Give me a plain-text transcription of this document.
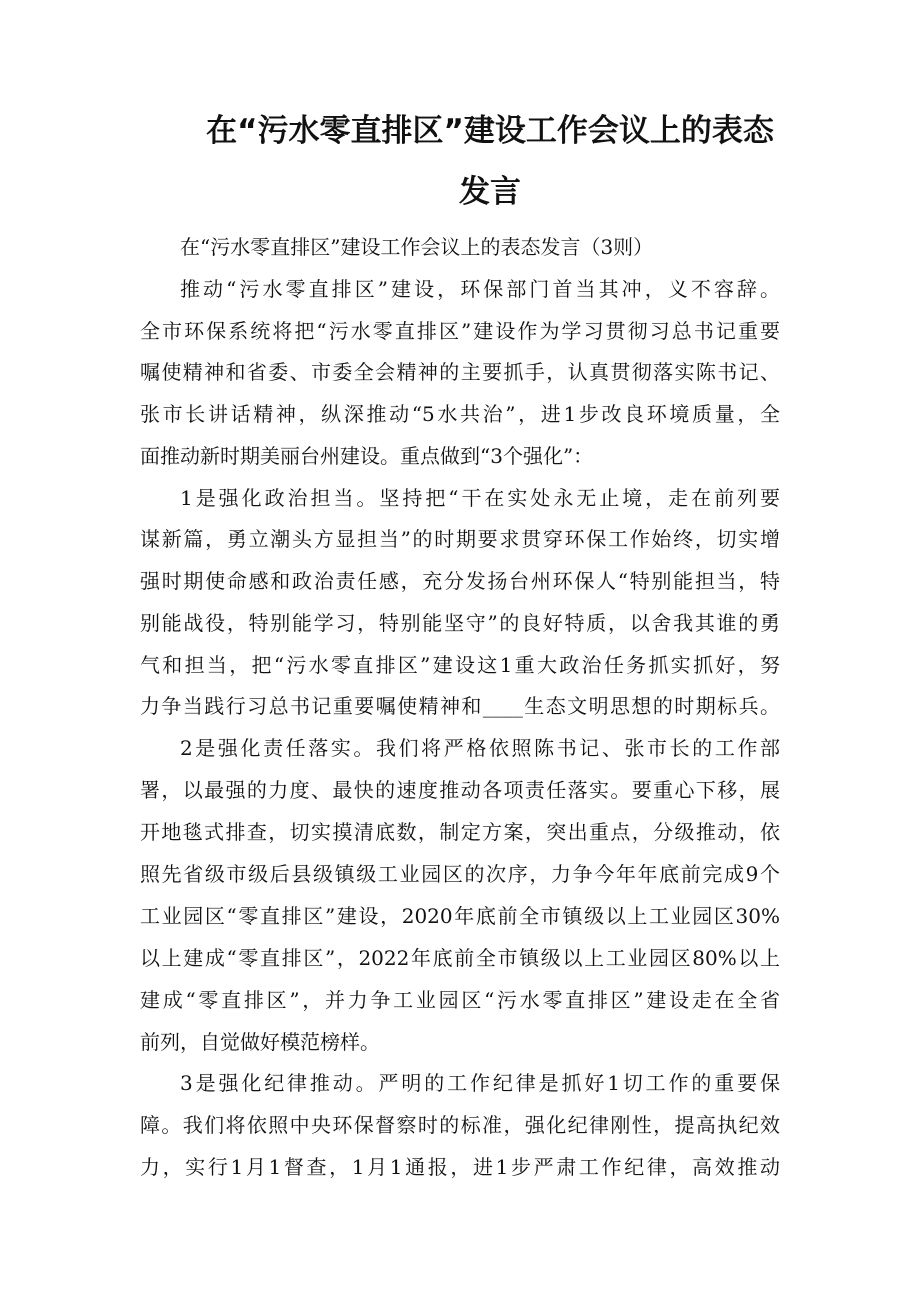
在“污水零直排区”建设工作会议上的表态
发言
在“污水零直排区”建设工作会议上的表态发言（3则）
推动“污水零直排区”建设，环保部门首当其冲，义不容辞。
全市环保系统将把“污水零直排区”建设作为学习贯彻习总书记重要
嘱使精神和省委、市委全会精神的主要抓手，认真贯彻落实陈书记、
张市长讲话精神，纵深推动“5水共治”，进1步改良环境质量，全
面推动新时期美丽台州建设。重点做到“3个强化”：
1是强化政治担当。坚持把“干在实处永无止境，走在前列要
谋新篇，勇立潮头方显担当”的时期要求贯穿环保工作始终，切实增
强时期使命感和政治责任感，充分发扬台州环保人“特别能担当，特
别能战役，特别能学习，特别能坚守”的良好特质，以舍我其谁的勇
气和担当，把“污水零直排区”建设这1重大政治任务抓实抓好，努
力争当践行习总书记重要嘱使精神和____生态文明思想的时期标兵。
2是强化责任落实。我们将严格依照陈书记、张市长的工作部
署，以最强的力度、最快的速度推动各项责任落实。要重心下移，展
开地毯式排查，切实摸清底数，制定方案，突出重点，分级推动，依
照先省级市级后县级镇级工业园区的次序，力争今年年底前完成9个
工业园区“零直排区”建设，2020年底前全市镇级以上工业园区30%
以上建成“零直排区”，2022年底前全市镇级以上工业园区80%以上
建成“零直排区”，并力争工业园区“污水零直排区”建设走在全省
前列，自觉做好模范榜样。
3是强化纪律推动。严明的工作纪律是抓好1切工作的重要保
障。我们将依照中央环保督察时的标准，强化纪律刚性，提高执纪效
力，实行1月1督查，1月1通报，进1步严肃工作纪律，高效推动
